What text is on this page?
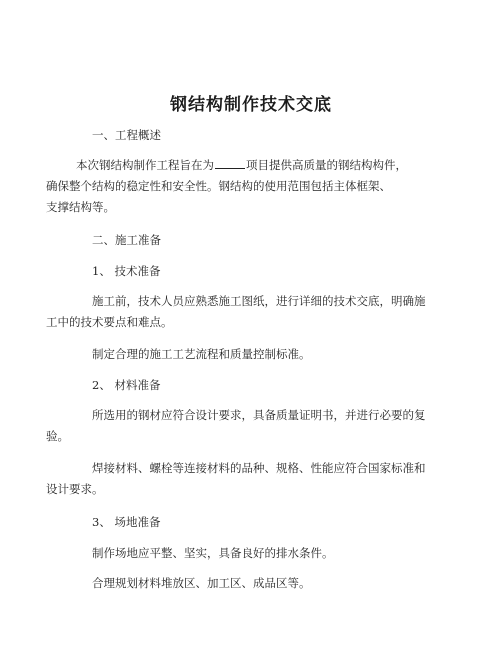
钢结构制作技术交底
一、工程概述
本次钢结构制作工程旨在为	项目提供高质量的钢结构构件，
确保整个结构的稳定性和安全性。钢结构的使用范围包括主体框架、
支撑结构等。
二、施工准备
1、 技术准备
施工前，技术人员应熟悉施工图纸，进行详细的技术交底，明确施
工中的技术要点和难点。
制定合理的施工工艺流程和质量控制标准。
2、 材料准备
所选用的钢材应符合设计要求，具备质量证明书，并进行必要的复
验。
焊接材料、螺栓等连接材料的品种、规格、性能应符合国家标准和
设计要求。
3、 场地准备
制作场地应平整、坚实，具备良好的排水条件。
合理规划材料堆放区、加工区、成品区等。
